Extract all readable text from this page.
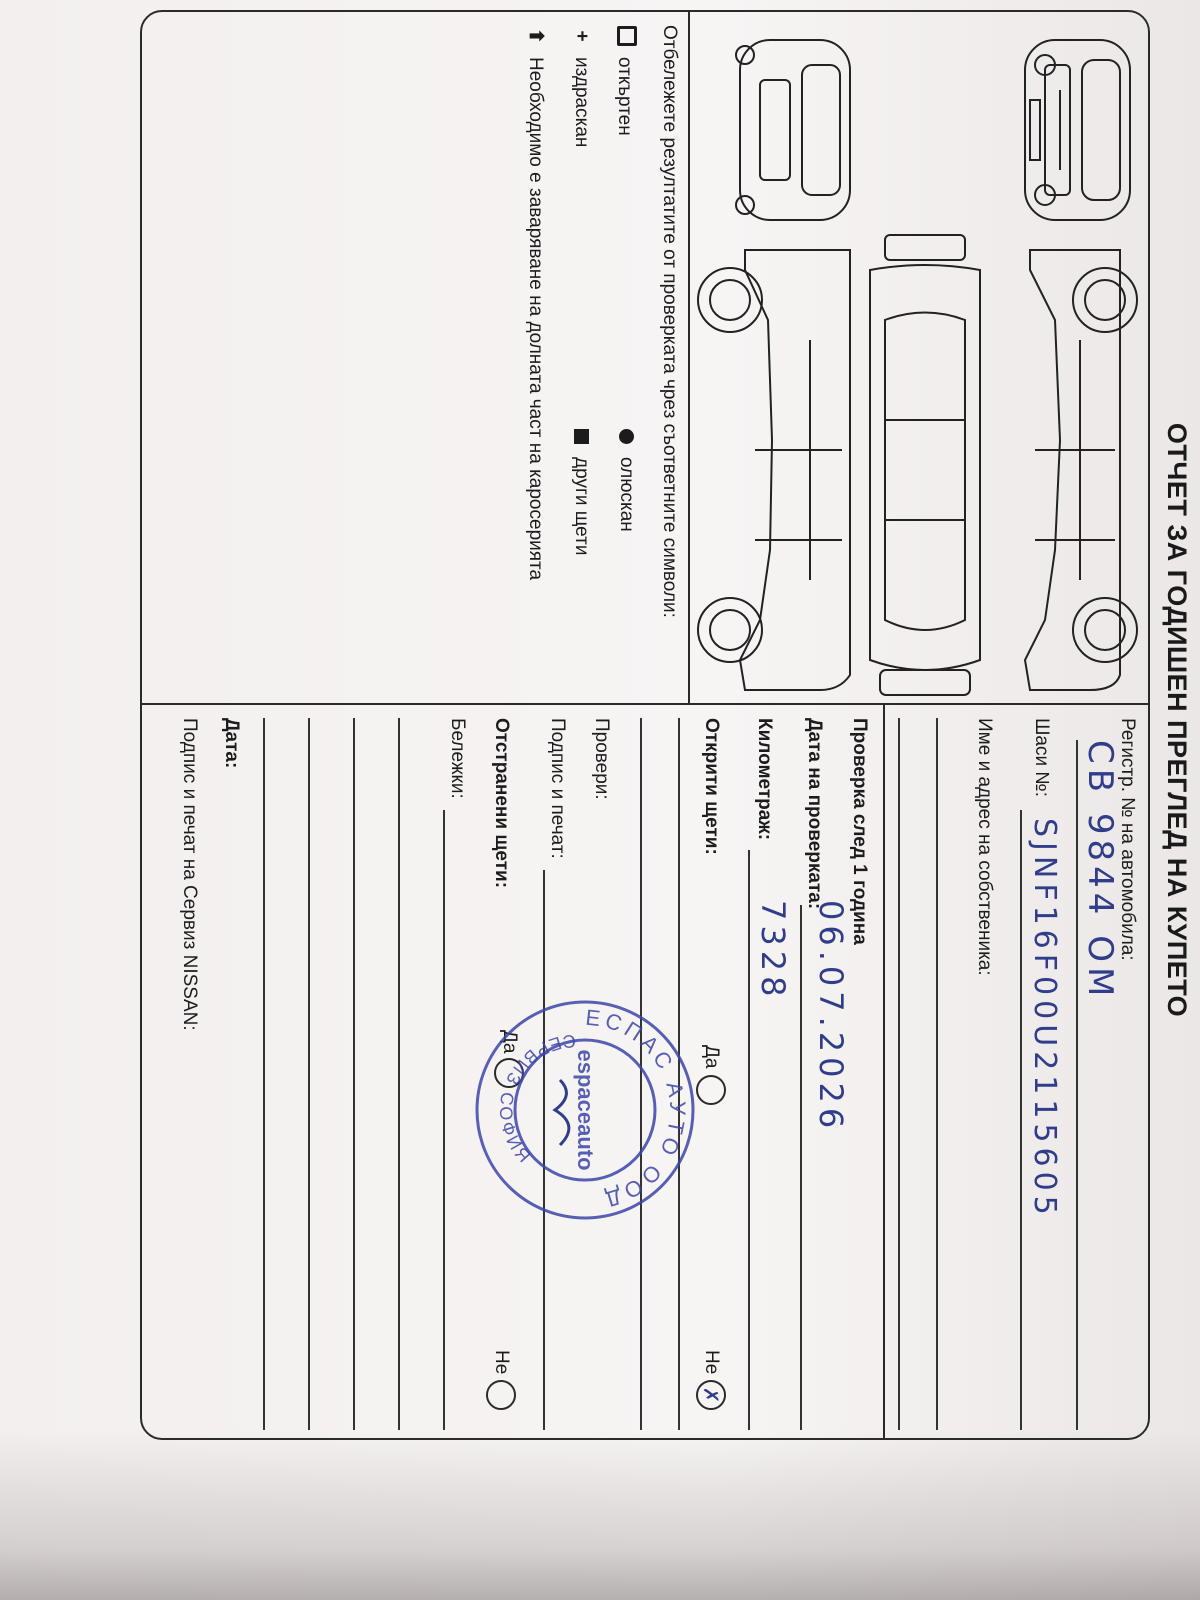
ОТЧЕТ ЗА ГОДИШЕН ПРЕГЛЕД НА КУПЕТО
Отбележете резултатите от проверката чрез съответните символи:
откъртен
олюскан
+издраскан
други щети
⬆Необходимо е заваряване на долната част на каросерията
Регистр. № на автомобила:
СВ 9844 ОМ
Шаси №:
SJNF16F00U2115605
Име и адрес на собственика:
Проверка след 1 година
Дата на проверката:
06.07.2026
Километраж:
7328
Открити щети:
Да
Не
✗
Провери:
Подпис и печат:
Отстранени щети:
Да
Не
Бележки:
Дата:
Подпис и печат на Сервиз NISSAN:	ЕСПАС АУТО ООД
СЕРВИЗ СОФИЯ	espaceauto
